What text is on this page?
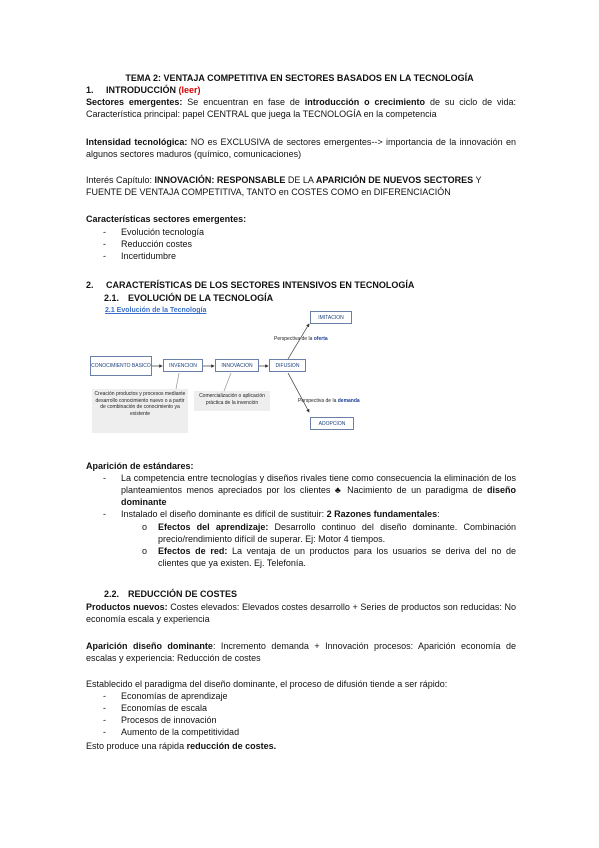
TEMA 2: VENTAJA COMPETITIVA EN SECTORES BASADOS EN LA TECNOLOGÍA
1. INTRODUCCIÓN (leer)
Sectores emergentes: Se encuentran en fase de introducción o crecimiento de su ciclo de vida: Característica principal: papel CENTRAL que juega la TECNOLOGÍA en la competencia
Intensidad tecnológica: NO es EXCLUSIVA de sectores emergentes--> importancia de la innovación en algunos sectores maduros (químico, comunicaciones)
Interés Capítulo: INNOVACIÓN: RESPONSABLE DE LA APARICIÓN DE NUEVOS SECTORES Y FUENTE DE VENTAJA COMPETITIVA, TANTO en COSTES COMO en DIFERENCIACIÓN
Características sectores emergentes:
- Evolución tecnología
- Reducción costes
- Incertidumbre
2. CARACTERÍSTICAS DE LOS SECTORES INTENSIVOS EN TECNOLOGÍA
2.1. EVOLUCIÓN DE LA TECNOLOGÍA
2.1 Evolución de la Tecnología
CONOCIMIENTO BASICO	INVENCION	INNOVACION	DIFUSION
IMITACION
ADOPCION
Perspectiva de la oferta
Perspectiva de la demanda
Creación productos y procesos mediante desarrollo conocimiento nuevo o a partir de combinación de conocimiento ya existente
Comercialización o aplicación práctica de la invención
Aparición de estándares:
- La competencia entre tecnologías y diseños rivales tiene como consecuencia la eliminación de los planteamientos menos apreciados por los clientes ♣ Nacimiento de un paradigma de diseño dominante
- Instalado el diseño dominante es difícil de sustituir: 2 Razones fundamentales:
o Efectos del aprendizaje: Desarrollo continuo del diseño dominante. Combinación precio/rendimiento difícil de superar. Ej: Motor 4 tiempos.
o Efectos de red: La ventaja de un productos para los usuarios se deriva del no de clientes que ya existen. Ej. Telefonía.
2.2. REDUCCIÓN DE COSTES
Productos nuevos: Costes elevados: Elevados costes desarrollo + Series de productos son reducidas: No economía escala y experiencia
Aparición diseño dominante: Incremento demanda + Innovación procesos: Aparición economía de escalas y experiencia: Reducción de costes
Establecido el paradigma del diseño dominante, el proceso de difusión tiende a ser rápido:
- Economías de aprendizaje
- Economías de escala
- Procesos de innovación
- Aumento de la competitividad
Esto produce una rápida reducción de costes.
